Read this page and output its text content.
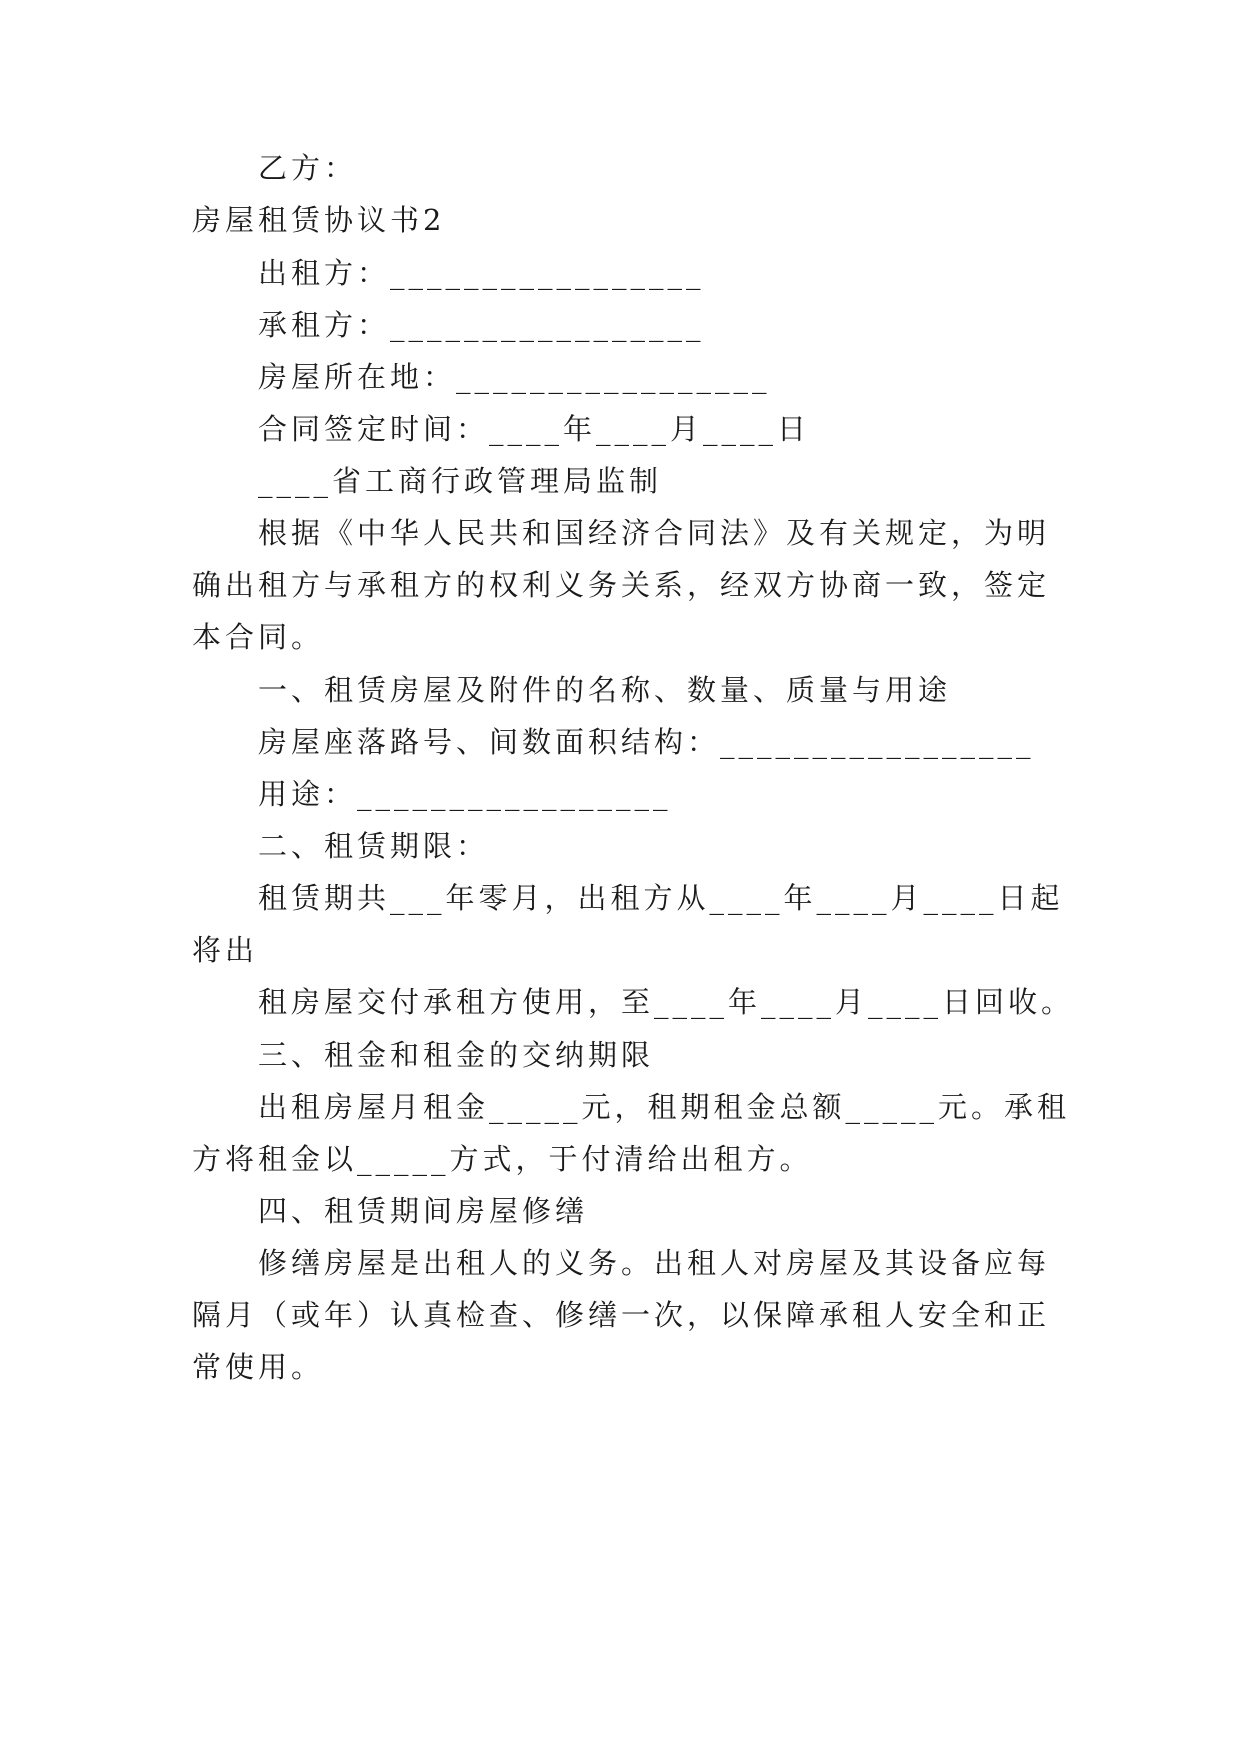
乙方：
房屋租赁协议书2
出租方：_________________
承租方：_________________
房屋所在地：_________________
合同签定时间：____年____月____日
____省工商行政管理局监制
根据《中华人民共和国经济合同法》及有关规定，为明
确出租方与承租方的权利义务关系，经双方协商一致，签定
本合同。
一、租赁房屋及附件的名称、数量、质量与用途
房屋座落路号、间数面积结构：_________________
用途：_________________
二、租赁期限：
租赁期共___年零月，出租方从____年____月____日起
将出
租房屋交付承租方使用，至____年____月____日回收。
三、租金和租金的交纳期限
出租房屋月租金_____元，租期租金总额_____元。承租
方将租金以_____方式，于付清给出租方。
四、租赁期间房屋修缮
修缮房屋是出租人的义务。出租人对房屋及其设备应每
隔月（或年）认真检查、修缮一次，以保障承租人安全和正
常使用。
